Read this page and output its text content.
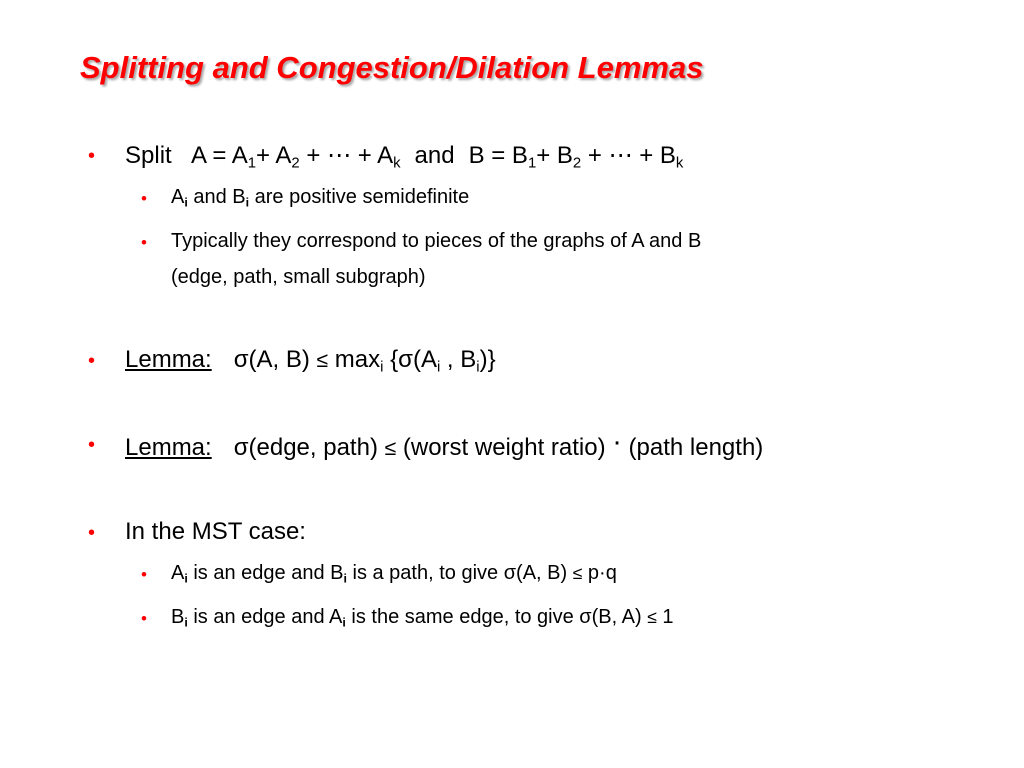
Splitting and Congestion/Dilation Lemmas
• Split $A = A_1+ A_2$ + ⋯ + $A_k$ and $B = B_1+ B_2$ + ⋯ + $B_k$
• $A_i$ and $B_i$ are positive semidefinite
• Typically they correspond to pieces of the graphs of A and B
(edge, path, small subgraph)
• Lemma: σ(A, $B) \le \max_i \{\sigma(A_i$ , $B_i$)}
• Lemma: σ(edge, path) ≤ (worst weight ratio) · (path length)
• In the MST case:
• $A_i$ is an edge and $B_i$ is a path, to give σ(A, B) ≤ p·q
• $B_i$ is an edge and $A_i$ is the same edge, to give σ(B, A) ≤ 1
